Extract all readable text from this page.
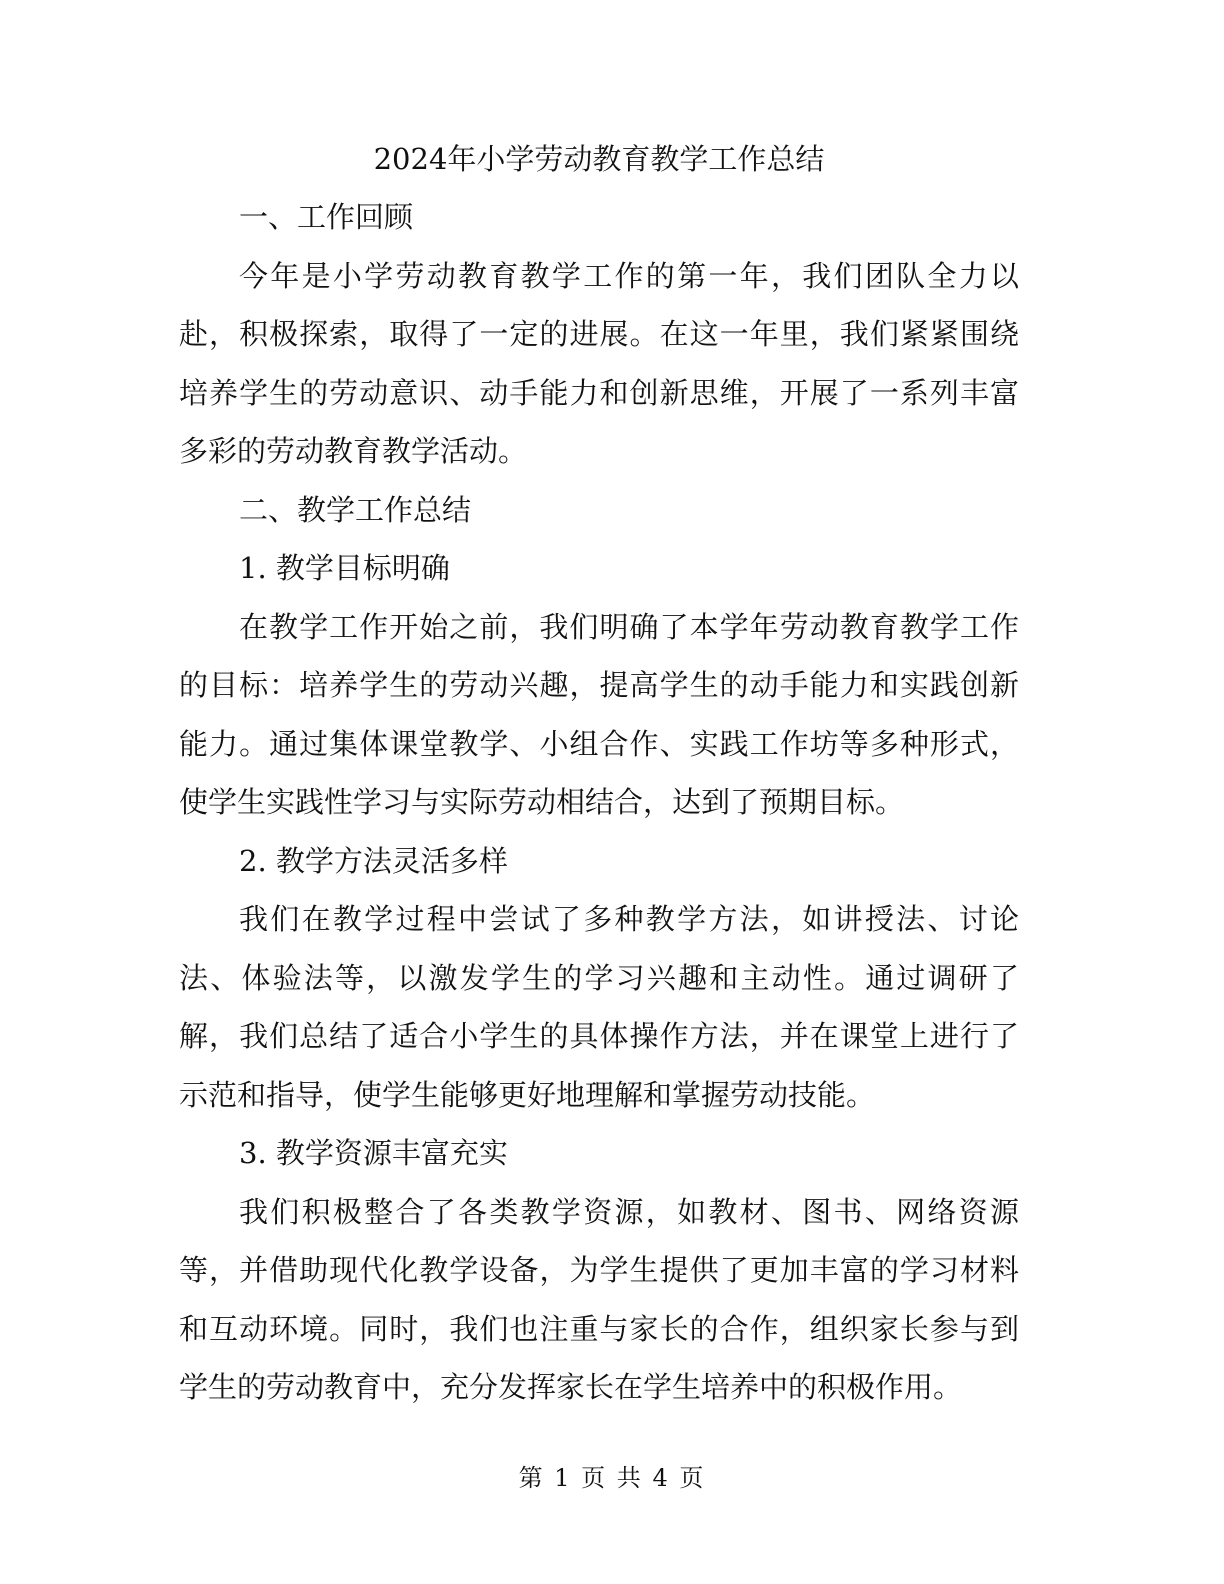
2024年小学劳动教育教学工作总结

一、工作回顾

今年是小学劳动教育教学工作的第一年，我们团队全力以赴，积极探索，取得了一定的进展。在这一年里，我们紧紧围绕培养学生的劳动意识、动手能力和创新思维，开展了一系列丰富多彩的劳动教育教学活动。

二、教学工作总结

1. 教学目标明确

在教学工作开始之前，我们明确了本学年劳动教育教学工作的目标：培养学生的劳动兴趣，提高学生的动手能力和实践创新能力。通过集体课堂教学、小组合作、实践工作坊等多种形式，使学生实践性学习与实际劳动相结合，达到了预期目标。

2. 教学方法灵活多样

我们在教学过程中尝试了多种教学方法，如讲授法、讨论法、体验法等，以激发学生的学习兴趣和主动性。通过调研了解，我们总结了适合小学生的具体操作方法，并在课堂上进行了示范和指导，使学生能够更好地理解和掌握劳动技能。

3. 教学资源丰富充实

我们积极整合了各类教学资源，如教材、图书、网络资源等，并借助现代化教学设备，为学生提供了更加丰富的学习材料和互动环境。同时，我们也注重与家长的合作，组织家长参与到学生的劳动教育中，充分发挥家长在学生培养中的积极作用。

第 1 页 共 4 页
